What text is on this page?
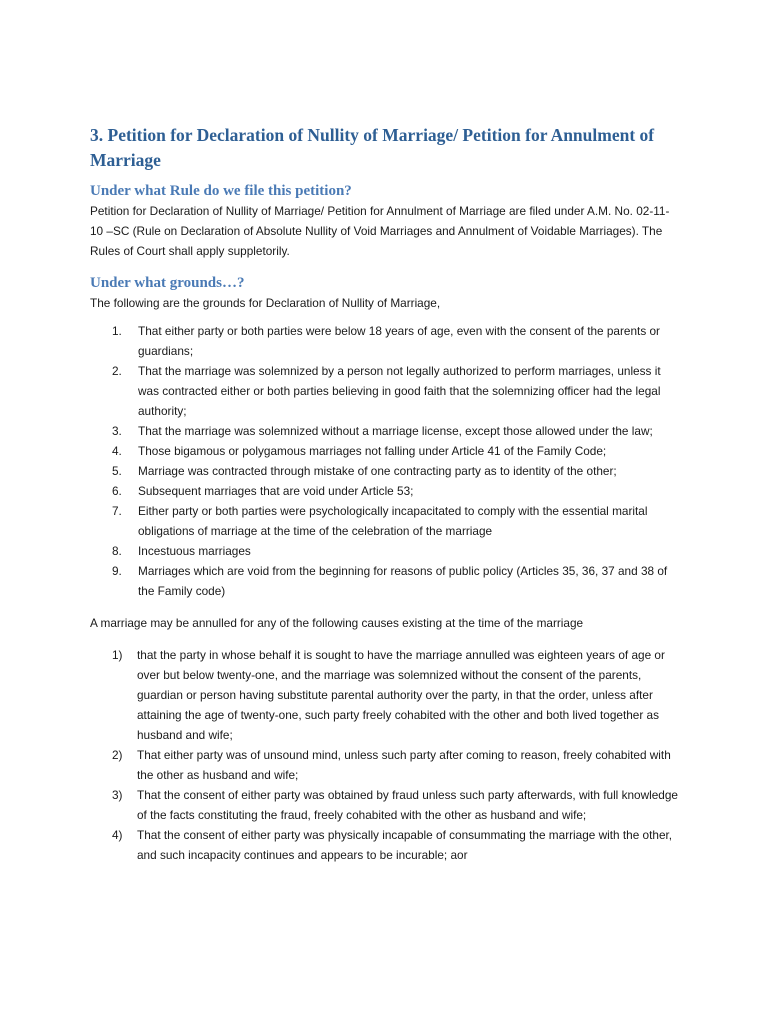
3. Petition for Declaration of Nullity of Marriage/ Petition for Annulment of Marriage
Under what Rule do we file this petition?

Petition for Declaration of Nullity of Marriage/ Petition for Annulment of Marriage are filed under A.M. No. 02-11-10 –SC (Rule on Declaration of Absolute Nullity of Void Marriages and Annulment of Voidable Marriages). The Rules of Court shall apply suppletorily.

Under what grounds…?

The following are the grounds for Declaration of Nullity of Marriage,

1.	That either party or both parties were below 18 years of age, even with the consent of the parents or guardians;
2.	That the marriage was solemnized by a person not legally authorized to perform marriages, unless it was contracted either or both parties believing in good faith that the solemnizing officer had the legal authority;
3.	That the marriage was solemnized without a marriage license, except those allowed under the law;
4.	Those bigamous or polygamous marriages not falling under Article 41 of the Family Code;
5.	Marriage was contracted through mistake of one contracting party as to identity of the other;
6.	Subsequent marriages that are void under Article 53;
7.	Either party or both parties were psychologically incapacitated to comply with the essential marital obligations of marriage at the time of the celebration of the marriage
8.	Incestuous marriages
9.	Marriages which are void from the beginning for reasons of public policy (Articles 35, 36, 37 and 38 of the Family code)

A marriage may be annulled for any of the following causes existing at the time of the marriage

1)	that the party in whose behalf it is sought to have the marriage annulled was eighteen years of age or over but below twenty-one, and the marriage was solemnized without the consent of the parents, guardian or person having substitute parental authority over the party, in that the order, unless after attaining the age of twenty-one, such party freely cohabited with the other and both lived together as husband and wife;
2)	That either party was of unsound mind, unless such party after coming to reason, freely cohabited with the other as husband and wife;
3)	That the consent of either party was obtained by fraud unless such party afterwards, with full knowledge of the facts constituting the fraud, freely cohabited with the other as husband and wife;
4)	That the consent of either party was physically incapable of consummating the marriage with the other, and such incapacity continues and appears to be incurable; aor
